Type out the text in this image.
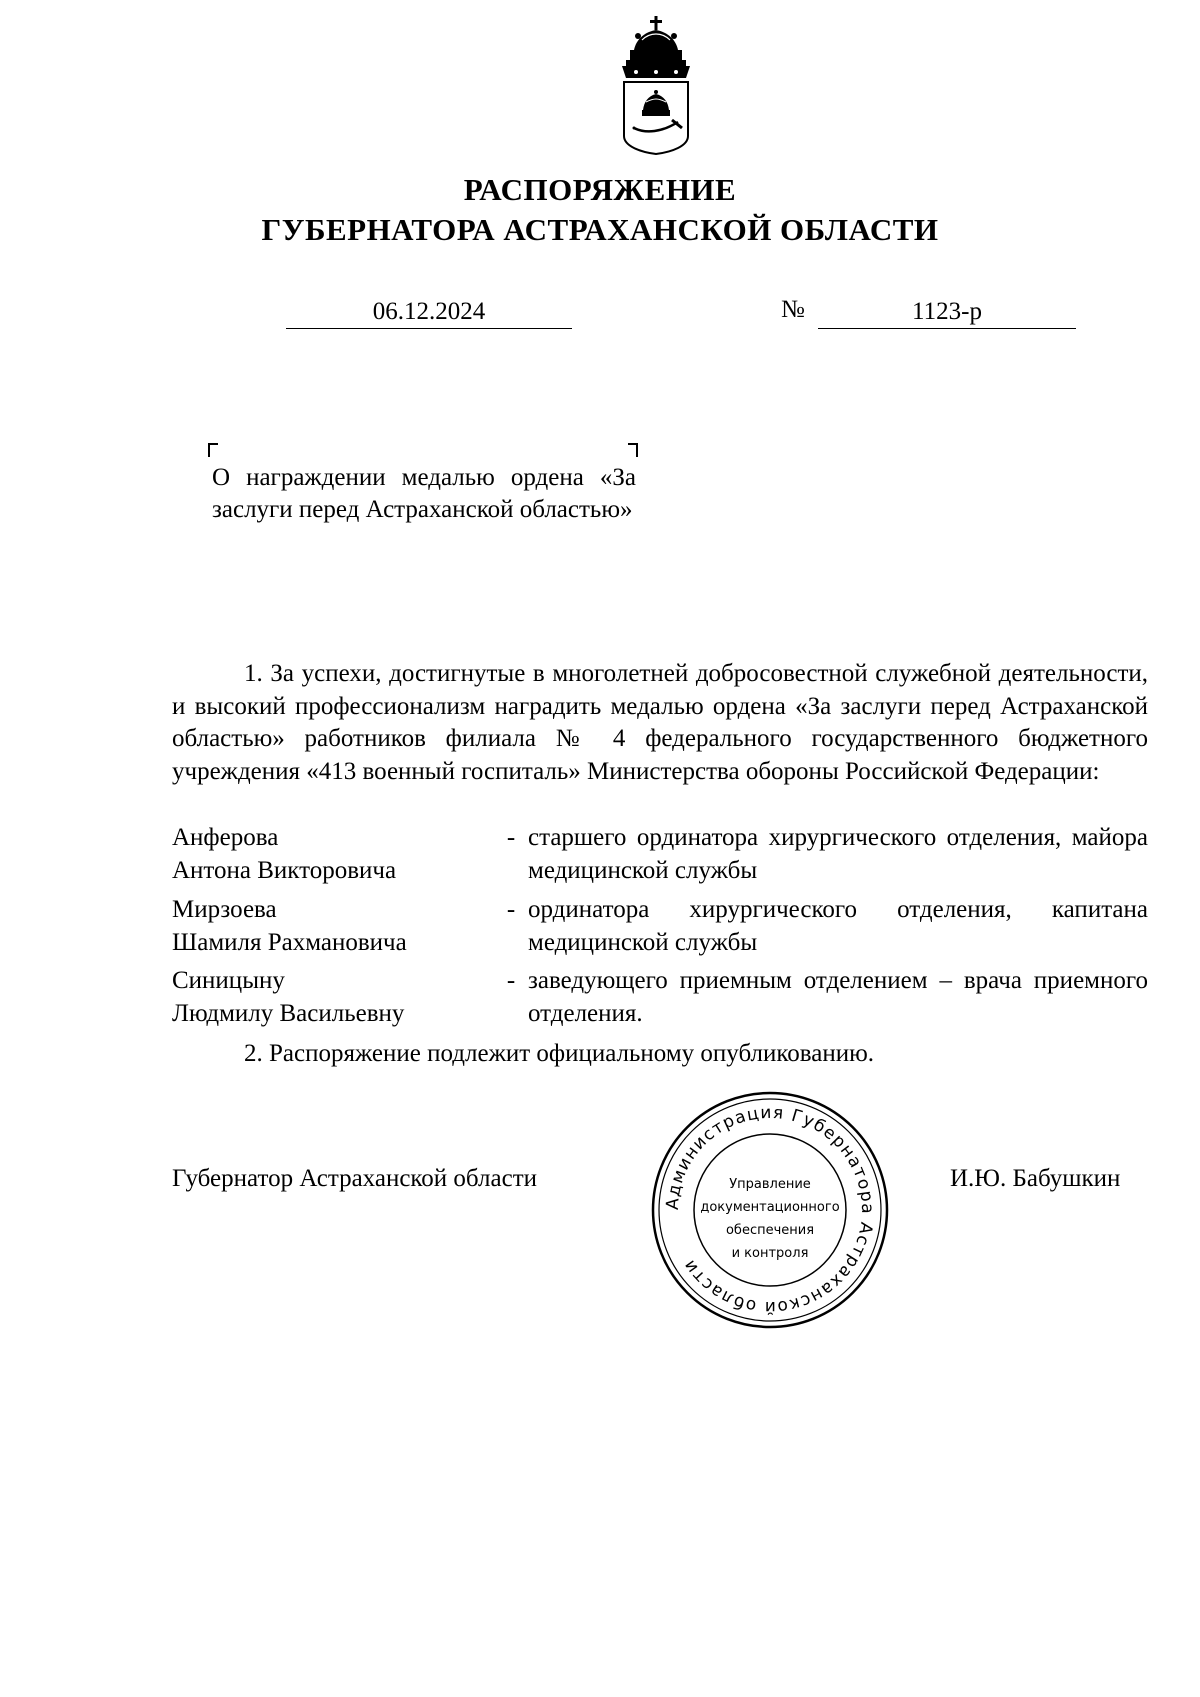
РАСПОРЯЖЕНИЕ
ГУБЕРНАТОРА АСТРАХАНСКОЙ ОБЛАСТИ
06.12.2024	№	1123-р
О награждении медалью ордена «За заслуги перед Астраханской областью»
1. За успехи, достигнутые в многолетней добросовестной служебной деятельности, и высокий профессионализм наградить медалью ордена «За заслуги перед Астраханской областью» работников филиала № 4 федерального государственного бюджетного учреждения «413 военный госпиталь» Министерства обороны Российской Федерации:
Анферова
Антона Викторовича
- старшего ординатора хирургического отделения, майора медицинской службы
Мирзоева
Шамиля Рахмановича
- ординатора хирургического отделения, капитана медицинской службы
Синицыну
Людмилу Васильевну
- заведующего приемным отделением – врача приемного отделения.
2. Распоряжение подлежит официальному опубликованию.
Губернатор Астраханской области	И.Ю. Бабушкин
Администрация Губернатора Астраханской области
Управление
документационного
обеспечения
и контроля
